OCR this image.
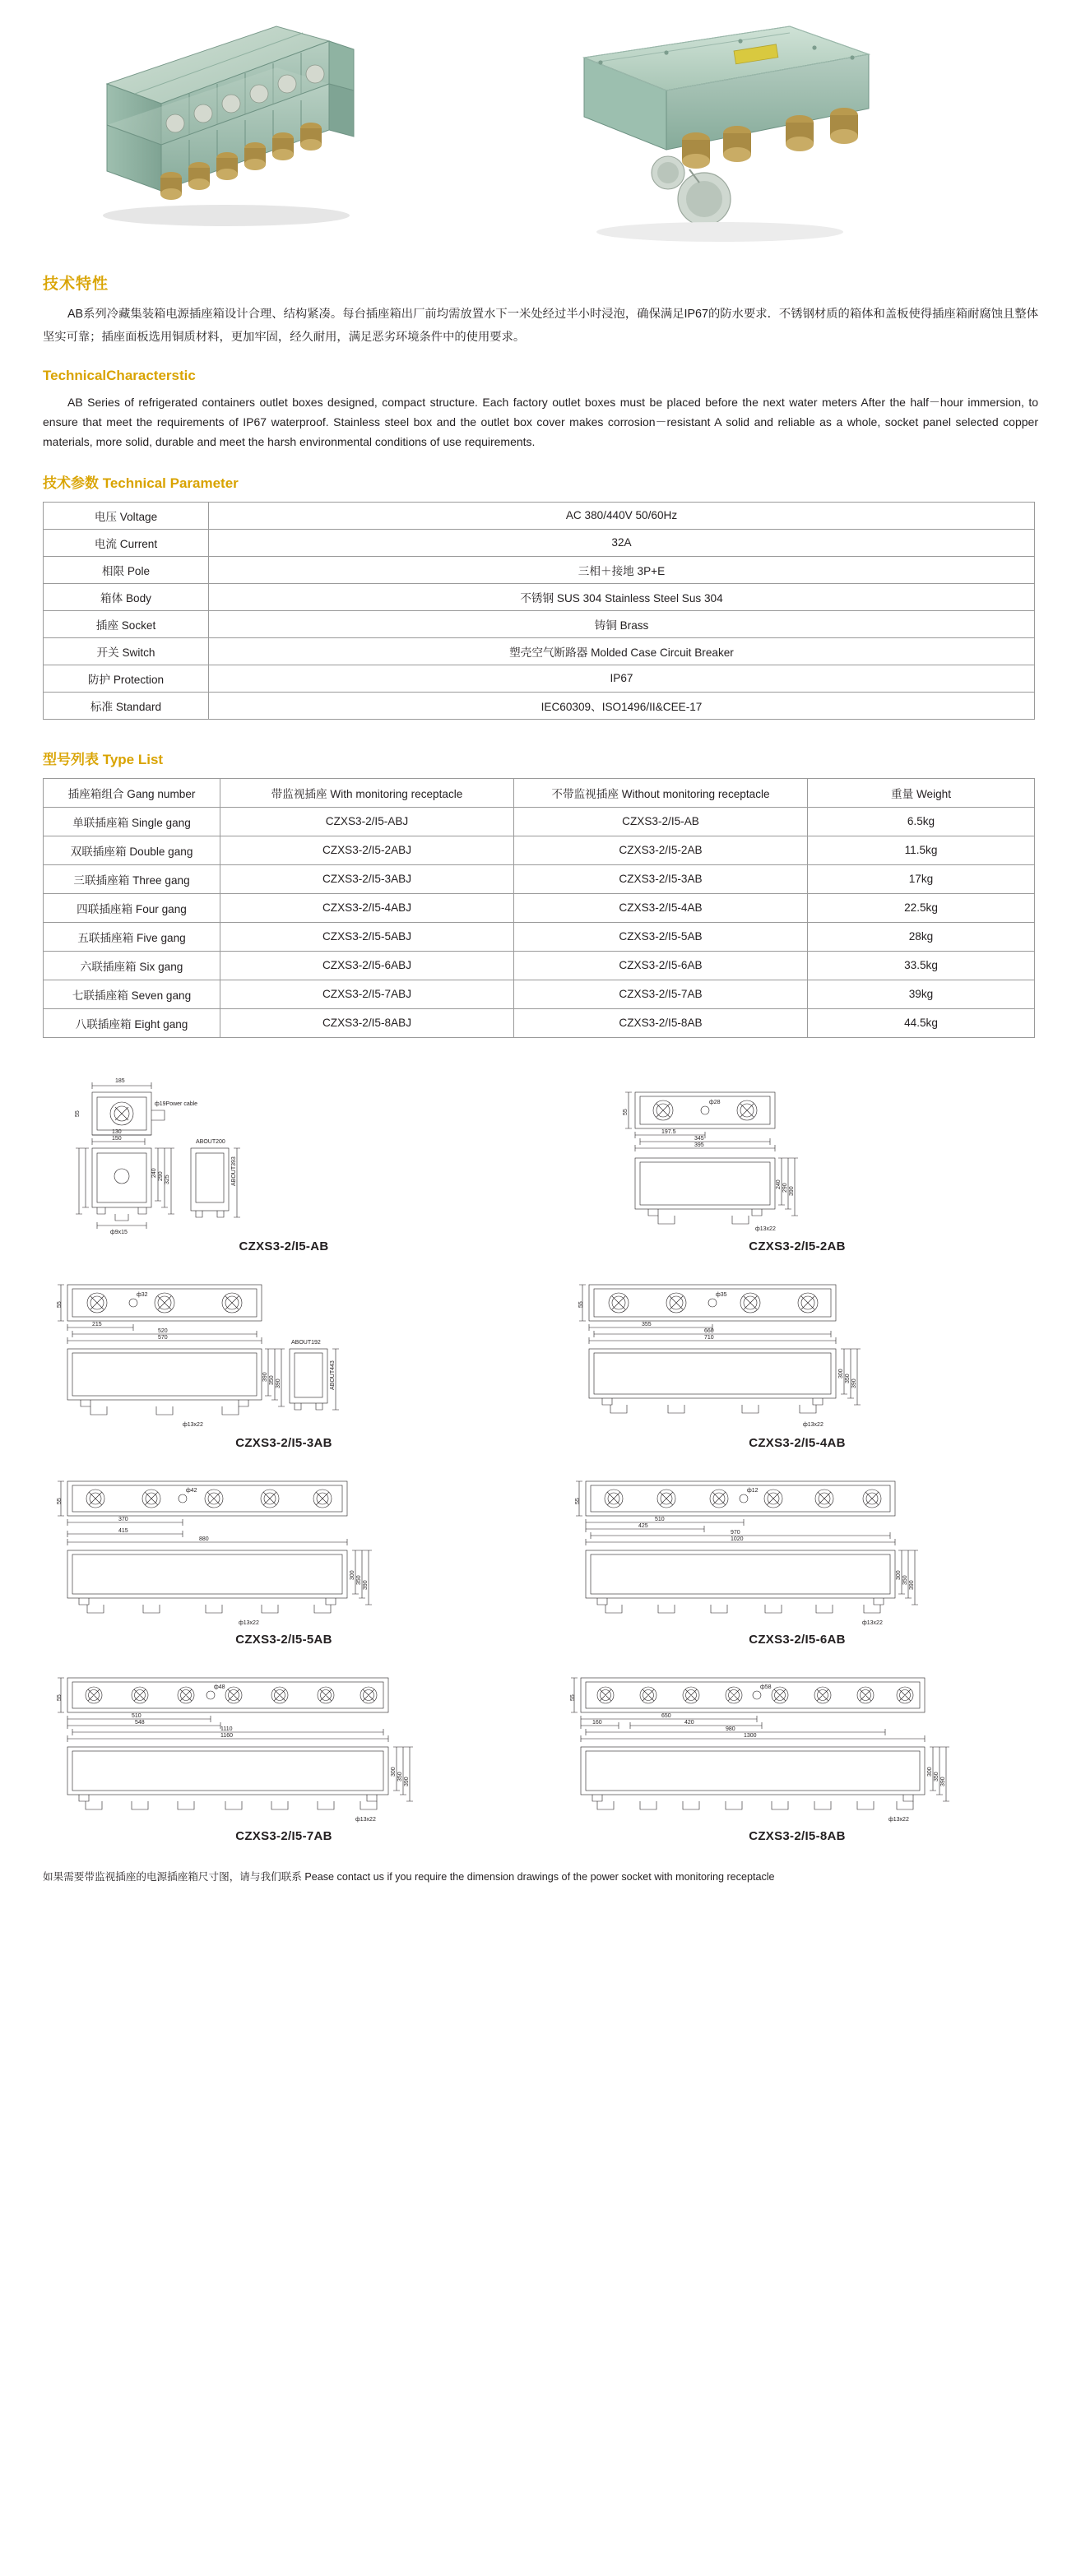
技术特性

AB系列冷藏集装箱电源插座箱设计合理、结构紧凑。每台插座箱出厂前均需放置水下一米处经过半小时浸泡，确保满足IP67的防水要求．不锈钢材质的箱体和盖板使得插座箱耐腐蚀且整体坚实可靠；插座面板选用铜质材料，更加牢固，经久耐用，满足恶劣环境条件中的使用要求。

TechnicalCharacterstic

AB Series of refrigerated containers outlet boxes designed, compact structure. Each factory outlet boxes must be placed before the next water meters After the half－hour immersion, to ensure that meet the requirements of IP67 waterproof. Stainless steel box and the outlet box cover makes corrosion－resistant A solid and reliable as a whole, socket panel selected copper materials, more solid, durable and meet the harsh environmental conditions of use requirements.

技术参数 Technical Parameter
电压 Voltage	AC 380/440V 50/60Hz
电流 Current	32A
相限 Pole	三相＋接地 3P+E
箱体 Body	不锈钢 SUS 304 Stainless Steel Sus 304
插座 Socket	铸铜 Brass
开关 Switch	塑壳空气断路器 Molded Case Circuit Breaker
防护 Protection	IP67
标准 Standard	IEC60309、ISO1496/II&CEE-17
型号列表 Type List
插座箱组合 Gang number	带监视插座 With monitoring receptacle	不带监视插座 Without monitoring receptacle	重量 Weight
单联插座箱 Single gang	CZXS3-2/I5-ABJ	CZXS3-2/I5-AB	6.5kg
双联插座箱 Double gang	CZXS3-2/I5-2ABJ	CZXS3-2/I5-2AB	11.5kg
三联插座箱 Three gang	CZXS3-2/I5-3ABJ	CZXS3-2/I5-3AB	17kg
四联插座箱 Four gang	CZXS3-2/I5-4ABJ	CZXS3-2/I5-4AB	22.5kg
五联插座箱 Five gang	CZXS3-2/I5-5ABJ	CZXS3-2/I5-5AB	28kg
六联插座箱 Six gang	CZXS3-2/I5-6ABJ	CZXS3-2/I5-6AB	33.5kg
七联插座箱 Seven gang	CZXS3-2/I5-7ABJ	CZXS3-2/I5-7AB	39kg
八联插座箱 Eight gang	CZXS3-2/I5-8ABJ	CZXS3-2/I5-8AB	44.5kg
185
ф19Power cable
150
130
ABOUT200
240 290 325	ABOUT393
ф9x15
55
CZXS3-2/I5-AB
197.5
55
ф28
395
345
240 290 390
ф13x22
CZXS3-2/I5-2AB
55
215
ф32
570
520
ABOUT192
390 350 390	ABOUT443
ф13x22
CZXS3-2/I5-3AB
55
355
ф35
710
660
300
350
390
ф13x22
CZXS3-2/I5-4AB
55
370
ф42
880
415
300
350
390
ф13x22
CZXS3-2/I5-5AB
55
510
ф12
1020
970
425
300
350
390
ф13x22
CZXS3-2/I5-6AB
55
510
ф48
1160
1110
548
300
350
390
ф13x22
CZXS3-2/I5-7AB
55
650
ф58
1300
980
160	420
300
350
390
ф13x22
CZXS3-2/I5-8AB
如果需要带监视插座的电源插座箱尺寸图，请与我们联系 Pease contact us if you require the dimension drawings of the power socket with monitoring receptacle
